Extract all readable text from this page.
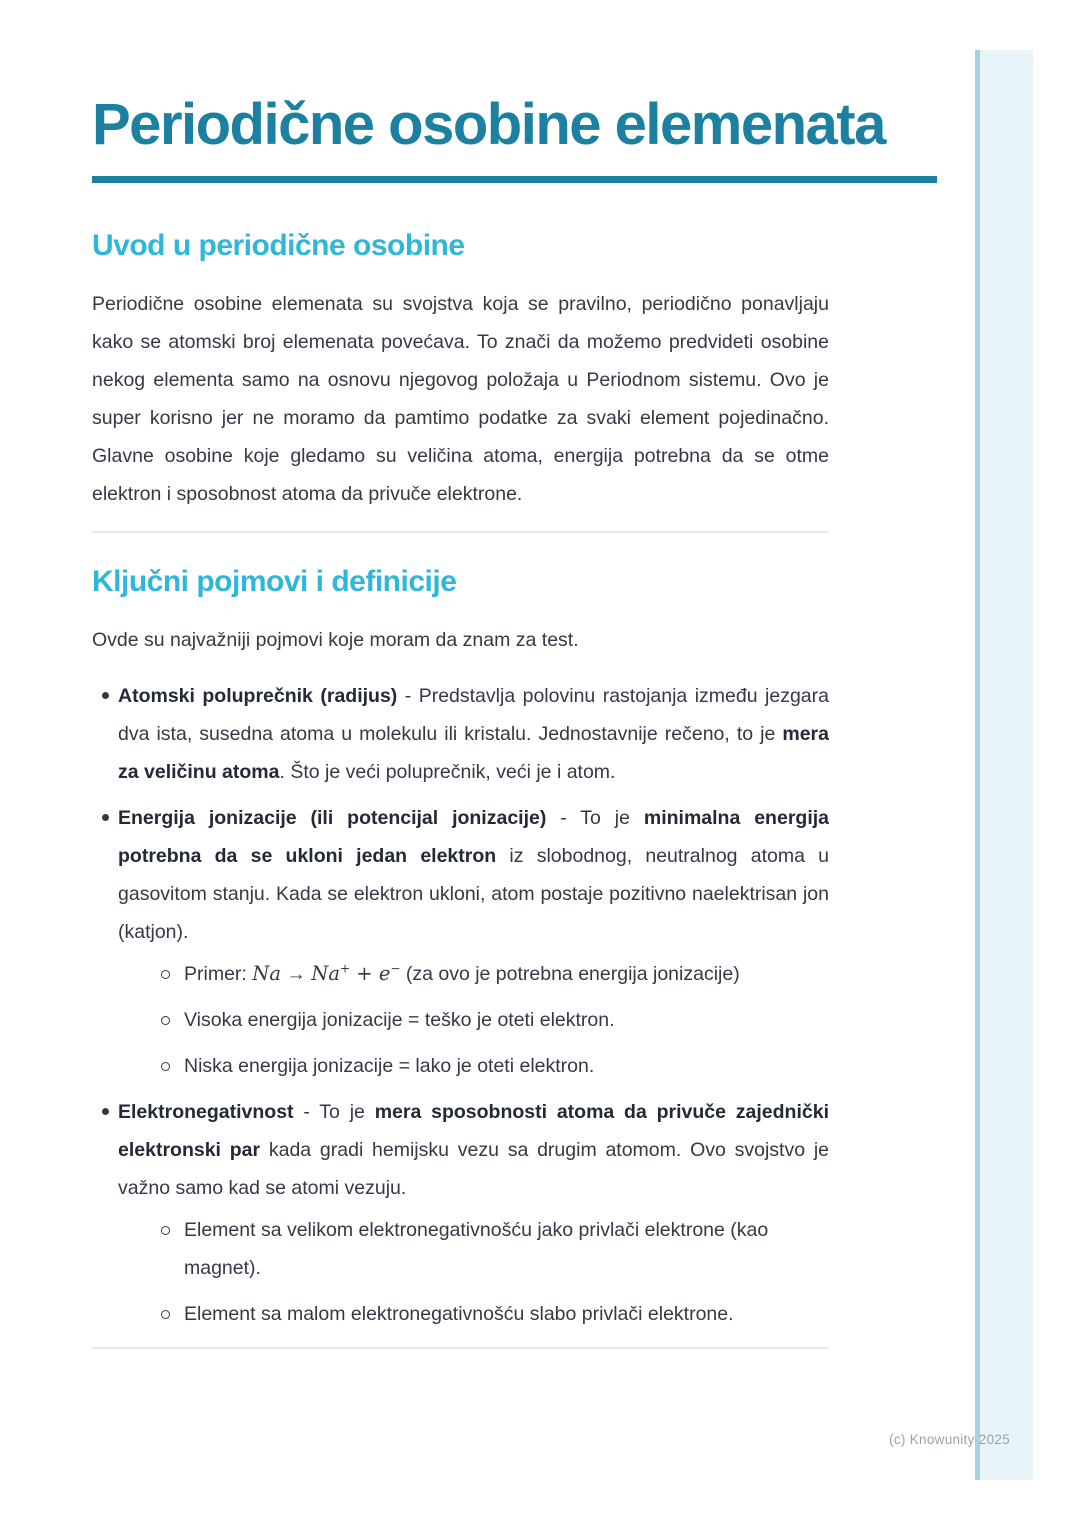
Periodične osobine elemenata
Uvod u periodične osobine

Periodične osobine elemenata su svojstva koja se pravilno, periodično ponavljaju kako se atomski broj elemenata povećava. To znači da možemo predvideti osobine nekog elementa samo na osnovu njegovog položaja u Periodnom sistemu. Ovo je super korisno jer ne moramo da pamtimo podatke za svaki element pojedinačno. Glavne osobine koje gledamo su veličina atoma, energija potrebna da se otme elektron i sposobnost atoma da privuče elektrone.

Ključni pojmovi i definicije

Ovde su najvažniji pojmovi koje moram da znam za test.

Atomski poluprečnik (radijus) - Predstavlja polovinu rastojanja između jezgara dva ista, susedna atoma u molekulu ili kristalu. Jednostavnije rečeno, to je mera za veličinu atoma. Što je veći poluprečnik, veći je i atom.
Energija jonizacije (ili potencijal jonizacije) - To je minimalna energija potrebna da se ukloni jedan elektron iz slobodnog, neutralnog atoma u gasovitom stanju. Kada se elektron ukloni, atom postaje pozitivno naelektrisan jon (katjon).
Primer: Na → Na+ + e− (za ovo je potrebna energija jonizacije)
Visoka energija jonizacije = teško je oteti elektron.
Niska energija jonizacije = lako je oteti elektron.
Elektronegativnost - To je mera sposobnosti atoma da privuče zajednički elektronski par kada gradi hemijsku vezu sa drugim atomom. Ovo svojstvo je važno samo kad se atomi vezuju.
Element sa velikom elektronegativnošću jako privlači elektrone (kao magnet).
Element sa malom elektronegativnošću slabo privlači elektrone.
(c) Knowunity 2025
